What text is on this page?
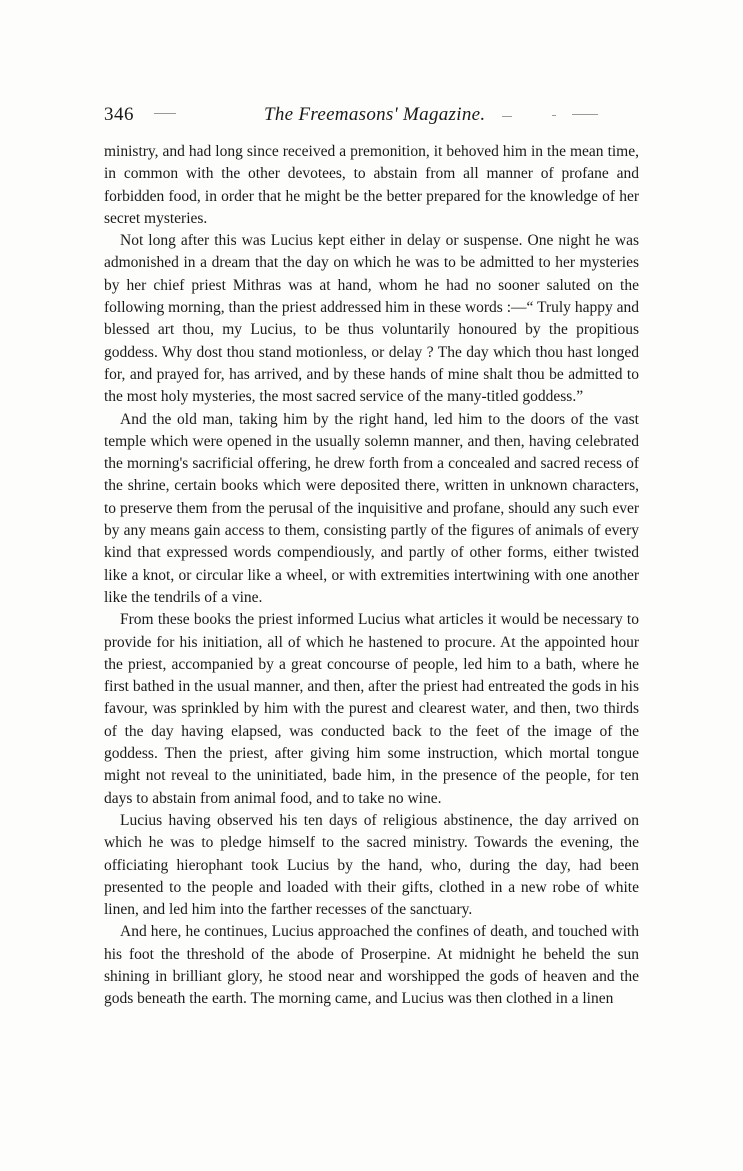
346	The Freemasons' Magazine.

ministry, and had long since received a premonition, it behoved him in the mean time, in common with the other devotees, to abstain from all manner of profane and forbidden food, in order that he might be the better prepared for the knowledge of her secret mysteries.

Not long after this was Lucius kept either in delay or suspense. One night he was admonished in a dream that the day on which he was to be admitted to her mysteries by her chief priest Mithras was at hand, whom he had no sooner saluted on the following morning, than the priest addressed him in these words :—“ Truly happy and blessed art thou, my Lucius, to be thus voluntarily honoured by the propitious goddess. Why dost thou stand motionless, or delay ? The day which thou hast longed for, and prayed for, has arrived, and by these hands of mine shalt thou be admitted to the most holy mysteries, the most sacred service of the many-titled goddess.”

And the old man, taking him by the right hand, led him to the doors of the vast temple which were opened in the usually solemn manner, and then, having celebrated the morning's sacrificial offering, he drew forth from a concealed and sacred recess of the shrine, certain books which were deposited there, written in unknown characters, to preserve them from the perusal of the inquisitive and profane, should any such ever by any means gain access to them, consisting partly of the figures of animals of every kind that expressed words compendiously, and partly of other forms, either twisted like a knot, or circular like a wheel, or with extremities intertwining with one another like the tendrils of a vine.

From these books the priest informed Lucius what articles it would be necessary to provide for his initiation, all of which he hastened to procure. At the appointed hour the priest, accompanied by a great concourse of people, led him to a bath, where he first bathed in the usual manner, and then, after the priest had entreated the gods in his favour, was sprinkled by him with the purest and clearest water, and then, two thirds of the day having elapsed, was conducted back to the feet of the image of the goddess. Then the priest, after giving him some instruction, which mortal tongue might not reveal to the uninitiated, bade him, in the presence of the people, for ten days to abstain from animal food, and to take no wine.

Lucius having observed his ten days of religious abstinence, the day arrived on which he was to pledge himself to the sacred ministry. Towards the evening, the officiating hierophant took Lucius by the hand, who, during the day, had been presented to the people and loaded with their gifts, clothed in a new robe of white linen, and led him into the farther recesses of the sanctuary.

And here, he continues, Lucius approached the confines of death, and touched with his foot the threshold of the abode of Proserpine. At midnight he beheld the sun shining in brilliant glory, he stood near and worshipped the gods of heaven and the gods beneath the earth. The morning came, and Lucius was then clothed in a linen
